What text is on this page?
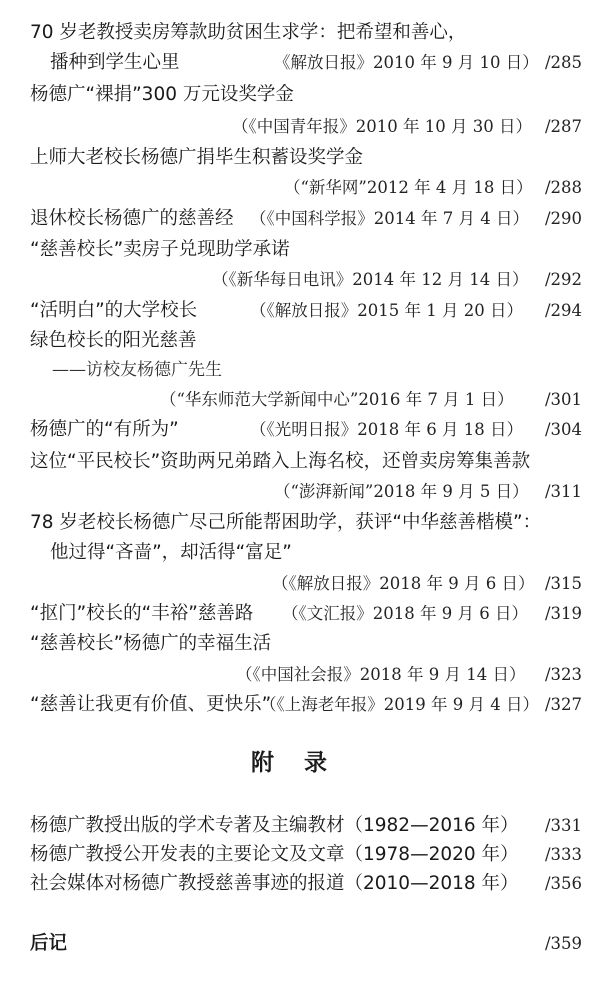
70 岁老教授卖房筹款助贫困生求学：把希望和善心，
播种到学生心里	《解放日报》2010 年 9 月 10 日） /285
杨德广“裸捐”300 万元设奖学金
（《中国青年报》2010 年 10 月 30 日） /287
上师大老校长杨德广捐毕生积蓄设奖学金
（“新华网”2012 年 4 月 18 日） /288
退休校长杨德广的慈善经 （《中国科学报》2014 年 7 月 4 日） /290
“慈善校长”卖房子兑现助学承诺
（《新华每日电讯》2014 年 12 月 14 日） /292
“活明白”的大学校长	（《解放日报》2015 年 1 月 20 日） /294
绿色校长的阳光慈善
——访校友杨德广先生
（“华东师范大学新闻中心”2016 年 7 月 1 日） /301
杨德广的“有所为”	（《光明日报》2018 年 6 月 18 日） /304
这位“平民校长”资助两兄弟踏入上海名校，还曾卖房筹集善款
（“澎湃新闻”2018 年 9 月 5 日） /311
78 岁老校长杨德广尽己所能帮困助学，获评“中华慈善楷模”：
他过得“吝啬”，却活得“富足”
（《解放日报》2018 年 9 月 6 日） /315
“抠门”校长的“丰裕”慈善路 （《文汇报》2018 年 9 月 6 日） /319
“慈善校长”杨德广的幸福生活
（《中国社会报》2018 年 9 月 14 日） /323
“慈善让我更有价值、更快乐”
（《上海老年报》2019 年 9 月 4 日） /327
附录
杨德广教授出版的学术专著及主编教材（1982—2016 年） /331
杨德广教授公开发表的主要论文及文章（1978—2020 年） /333
社会媒体对杨德广教授慈善事迹的报道（2010—2018 年） /356
后记	/359
